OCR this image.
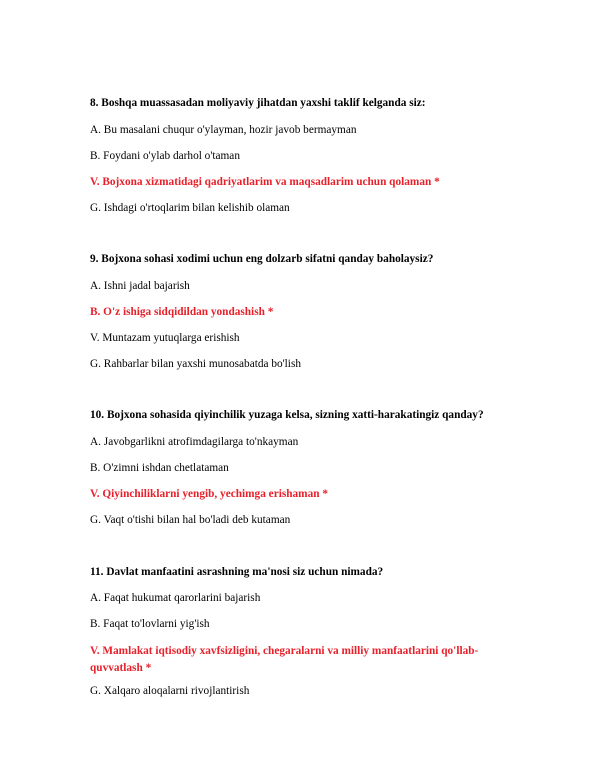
8. Boshqa muassasadan moliyaviy jihatdan yaxshi taklif kelganda siz:

A. Bu masalani chuqur o'ylayman, hozir javob bermayman

B. Foydani o'ylab darhol o'taman

V. Bojxona xizmatidagi qadriyatlarim va maqsadlarim uchun qolaman *

G. Ishdagi o'rtoqlarim bilan kelishib olaman

9. Bojxona sohasi xodimi uchun eng dolzarb sifatni qanday baholaysiz?

A. Ishni jadal bajarish

B. O'z ishiga sidqidildan yondashish *

V. Muntazam yutuqlarga erishish

G. Rahbarlar bilan yaxshi munosabatda bo'lish

10. Bojxona sohasida qiyinchilik yuzaga kelsa, sizning xatti-harakatingiz qanday?

A. Javobgarlikni atrofimdagilarga to'nkayman

B. O'zimni ishdan chetlataman

V. Qiyinchiliklarni yengib, yechimga erishaman *

G. Vaqt o'tishi bilan hal bo'ladi deb kutaman

11. Davlat manfaatini asrashning ma'nosi siz uchun nimada?

A. Faqat hukumat qarorlarini bajarish

B. Faqat to'lovlarni yig'ish

V. Mamlakat iqtisodiy xavfsizligini, chegaralarni va milliy manfaatlarini qo'llab-quvvatlash *

G. Xalqaro aloqalarni rivojlantirish
